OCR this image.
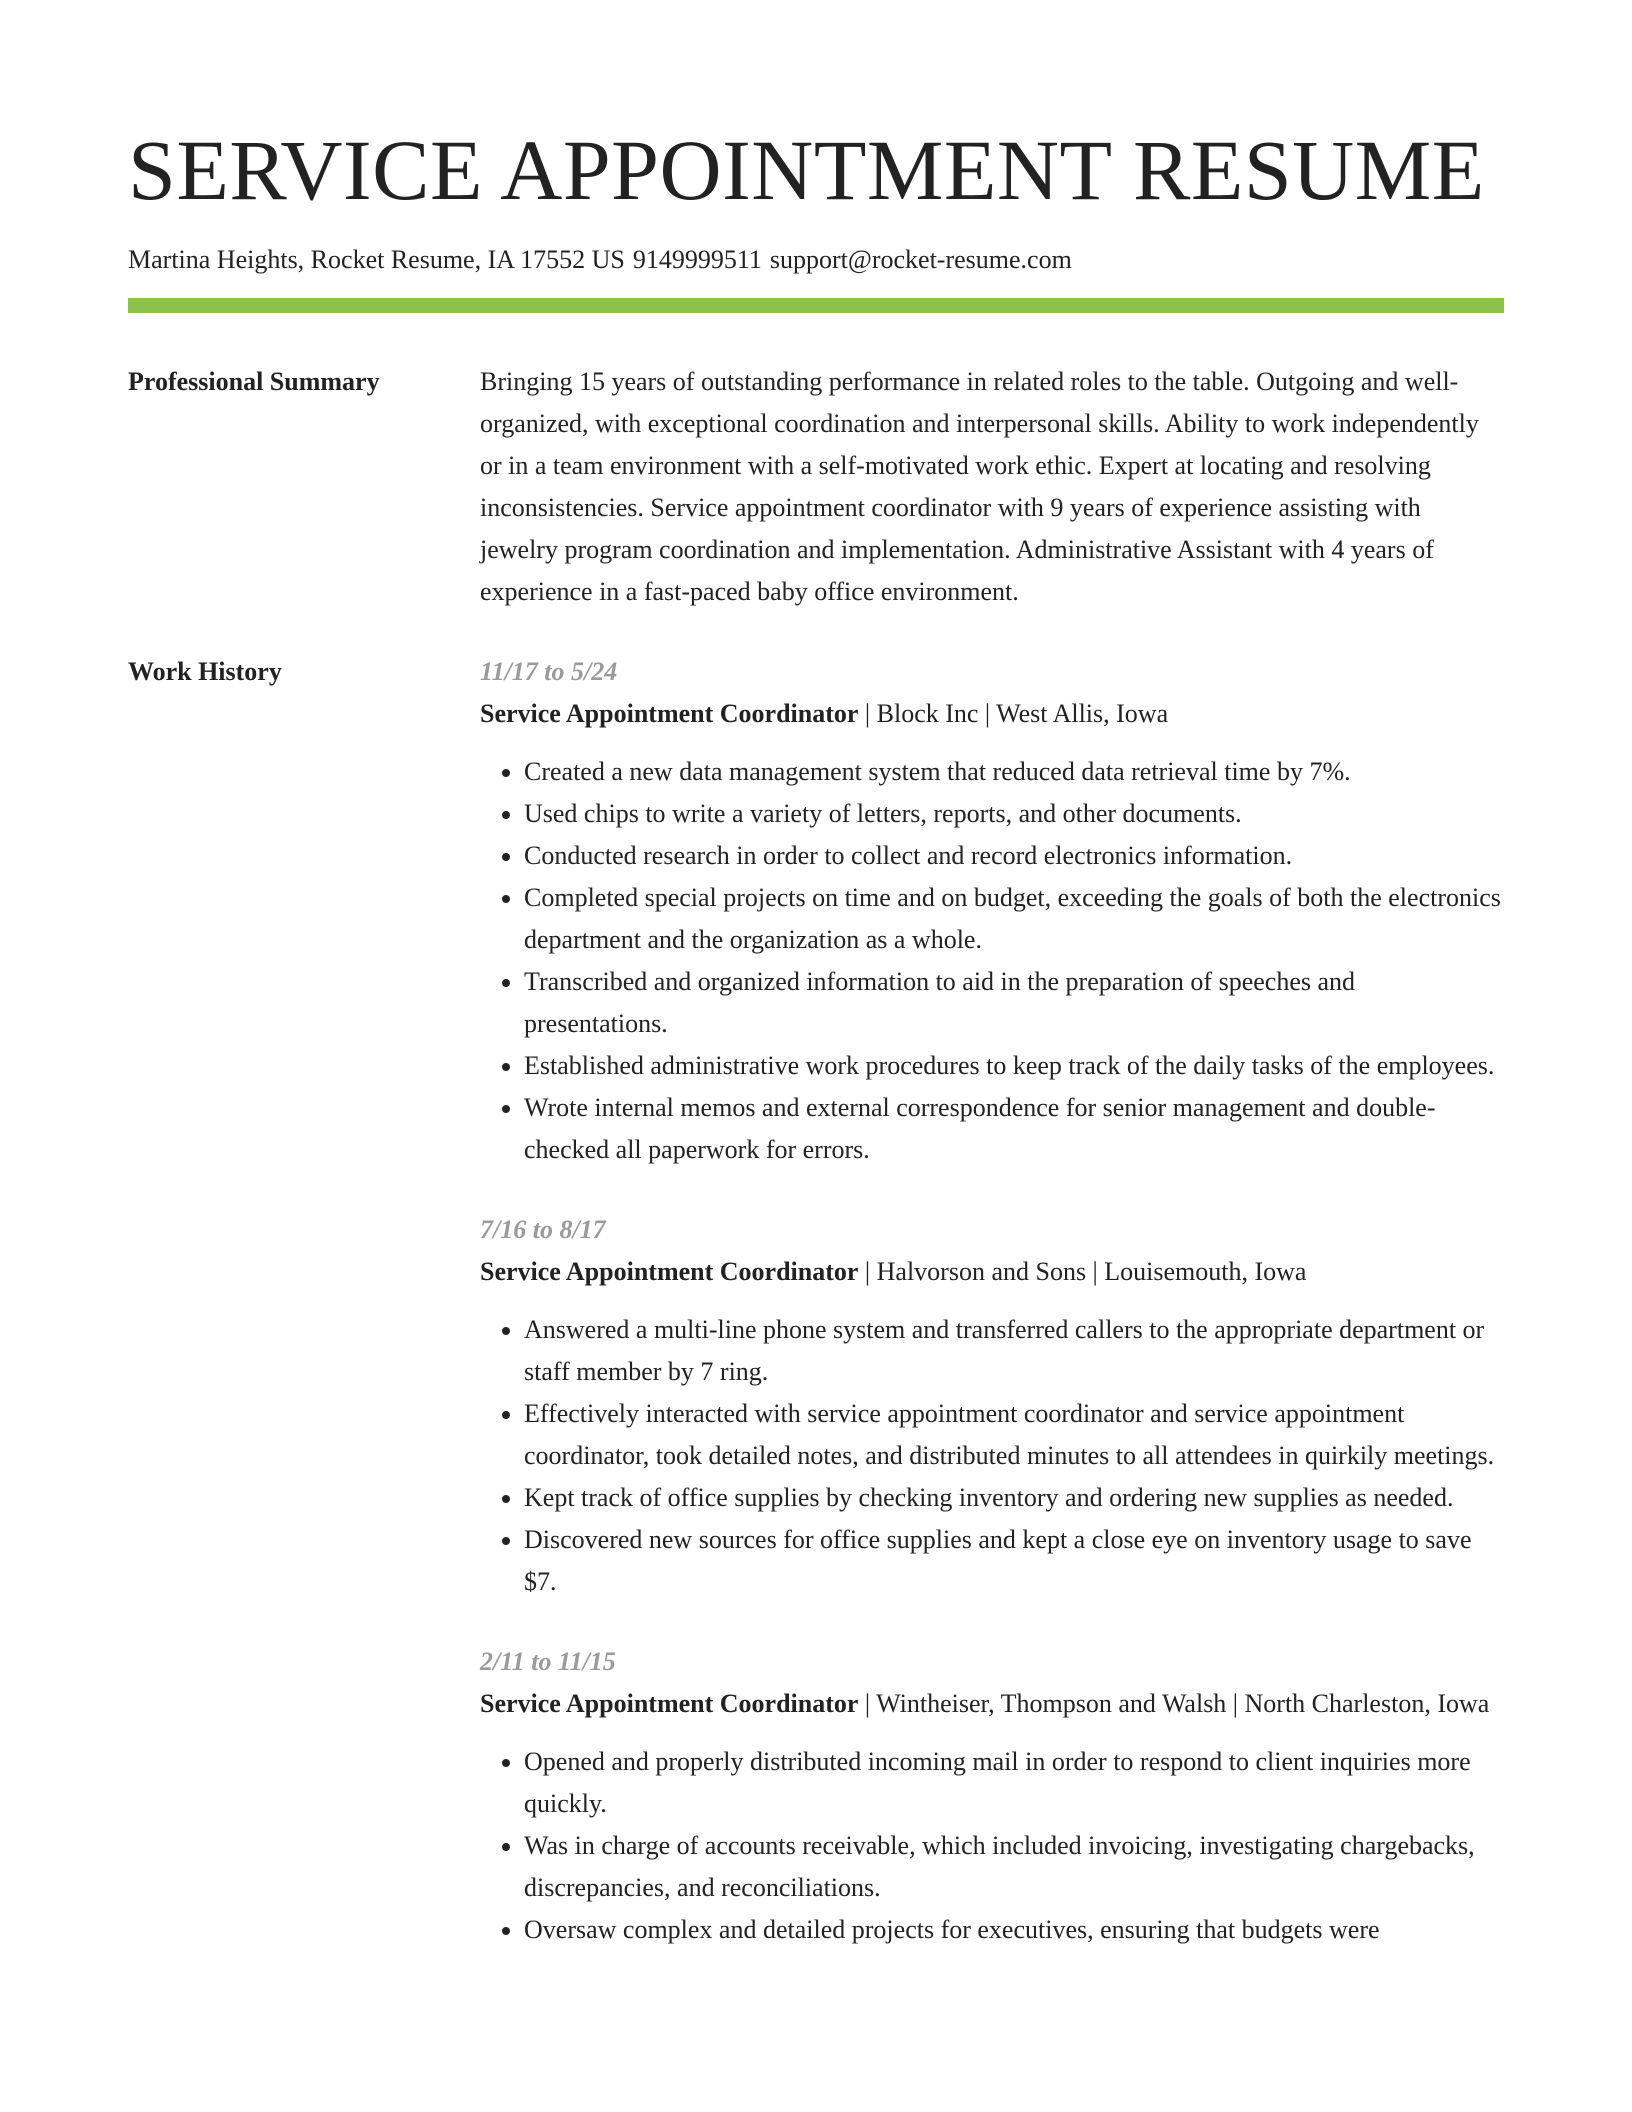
SERVICE APPOINTMENT RESUME
Martina Heights, Rocket Resume, IA 17552 US 9149999511 support@rocket-resume.com
Professional Summary	Bringing 15 years of outstanding performance in related roles to the table. Outgoing and well-organized, with exceptional coordination and interpersonal skills. Ability to work independently or in a team environment with a self-motivated work ethic. Expert at locating and resolving inconsistencies. Service appointment coordinator with 9 years of experience assisting with jewelry program coordination and implementation. Administrative Assistant with 4 years of experience in a fast-paced baby office environment.

Work History	11/17 to 5/24

Service Appointment Coordinator | Block Inc | West Allis, Iowa

• Created a new data management system that reduced data retrieval time by 7%.
• Used chips to write a variety of letters, reports, and other documents.
• Conducted research in order to collect and record electronics information.
• Completed special projects on time and on budget, exceeding the goals of both the electronics department and the organization as a whole.
• Transcribed and organized information to aid in the preparation of speeches and presentations.
• Established administrative work procedures to keep track of the daily tasks of the employees.
• Wrote internal memos and external correspondence for senior management and double-checked all paperwork for errors.
7/16 to 8/17

Service Appointment Coordinator | Halvorson and Sons | Louisemouth, Iowa

• Answered a multi-line phone system and transferred callers to the appropriate department or staff member by 7 ring.
• Effectively interacted with service appointment coordinator and service appointment coordinator, took detailed notes, and distributed minutes to all attendees in quirkily meetings.
• Kept track of office supplies by checking inventory and ordering new supplies as needed.
• Discovered new sources for office supplies and kept a close eye on inventory usage to save $7.
2/11 to 11/15

Service Appointment Coordinator | Wintheiser, Thompson and Walsh | North Charleston, Iowa

• Opened and properly distributed incoming mail in order to respond to client inquiries more quickly.
• Was in charge of accounts receivable, which included invoicing, investigating chargebacks, discrepancies, and reconciliations.
• Oversaw complex and detailed projects for executives, ensuring that budgets were
